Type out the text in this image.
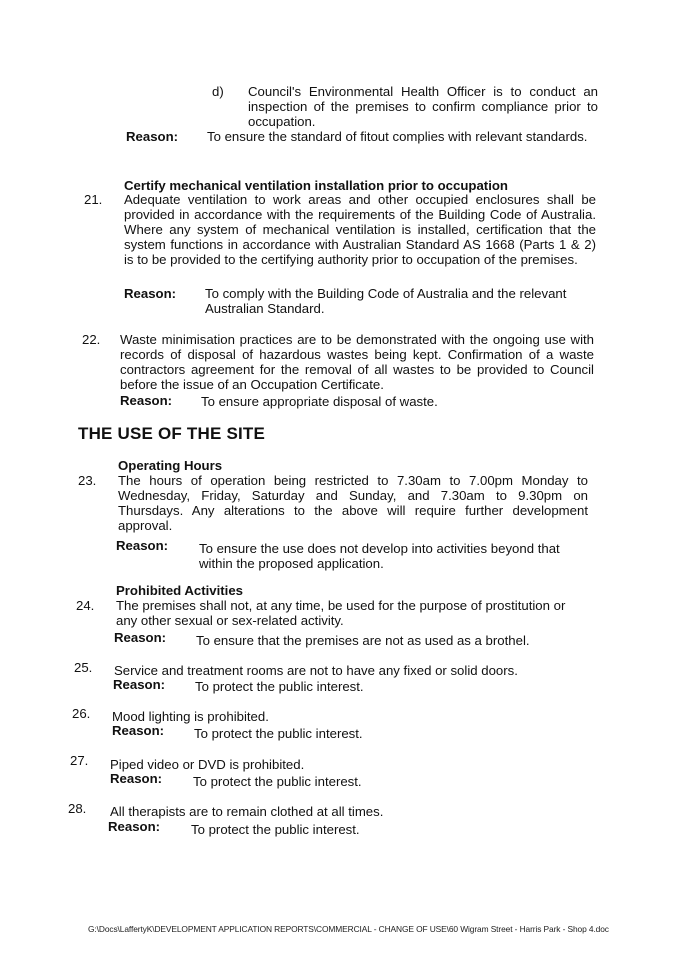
d) Council's Environmental Health Officer is to conduct an inspection of the premises to confirm compliance prior to occupation.
Reason: To ensure the standard of fitout complies with relevant standards.
Certify mechanical ventilation installation prior to occupation
21. Adequate ventilation to work areas and other occupied enclosures shall be provided in accordance with the requirements of the Building Code of Australia. Where any system of mechanical ventilation is installed, certification that the system functions in accordance with Australian Standard AS 1668 (Parts 1 & 2) is to be provided to the certifying authority prior to occupation of the premises.
Reason: To comply with the Building Code of Australia and the relevant Australian Standard.
22. Waste minimisation practices are to be demonstrated with the ongoing use with records of disposal of hazardous wastes being kept. Confirmation of a waste contractors agreement for the removal of all wastes to be provided to Council before the issue of an Occupation Certificate.
Reason: To ensure appropriate disposal of waste.
THE USE OF THE SITE
Operating Hours
23. The hours of operation being restricted to 7.30am to 7.00pm Monday to Wednesday, Friday, Saturday and Sunday, and 7.30am to 9.30pm on Thursdays. Any alterations to the above will require further development approval.
Reason: To ensure the use does not develop into activities beyond that within the proposed application.
Prohibited Activities
24. The premises shall not, at any time, be used for the purpose of prostitution or any other sexual or sex-related activity.
Reason: To ensure that the premises are not as used as a brothel.
25. Service and treatment rooms are not to have any fixed or solid doors.
Reason: To protect the public interest.
26. Mood lighting is prohibited.
Reason: To protect the public interest.
27. Piped video or DVD is prohibited.
Reason: To protect the public interest.
28. All therapists are to remain clothed at all times.
Reason: To protect the public interest.
G:\Docs\LaffertyK\DEVELOPMENT APPLICATION REPORTS\COMMERCIAL - CHANGE OF USE\60 Wigram Street - Harris Park - Shop 4.doc
